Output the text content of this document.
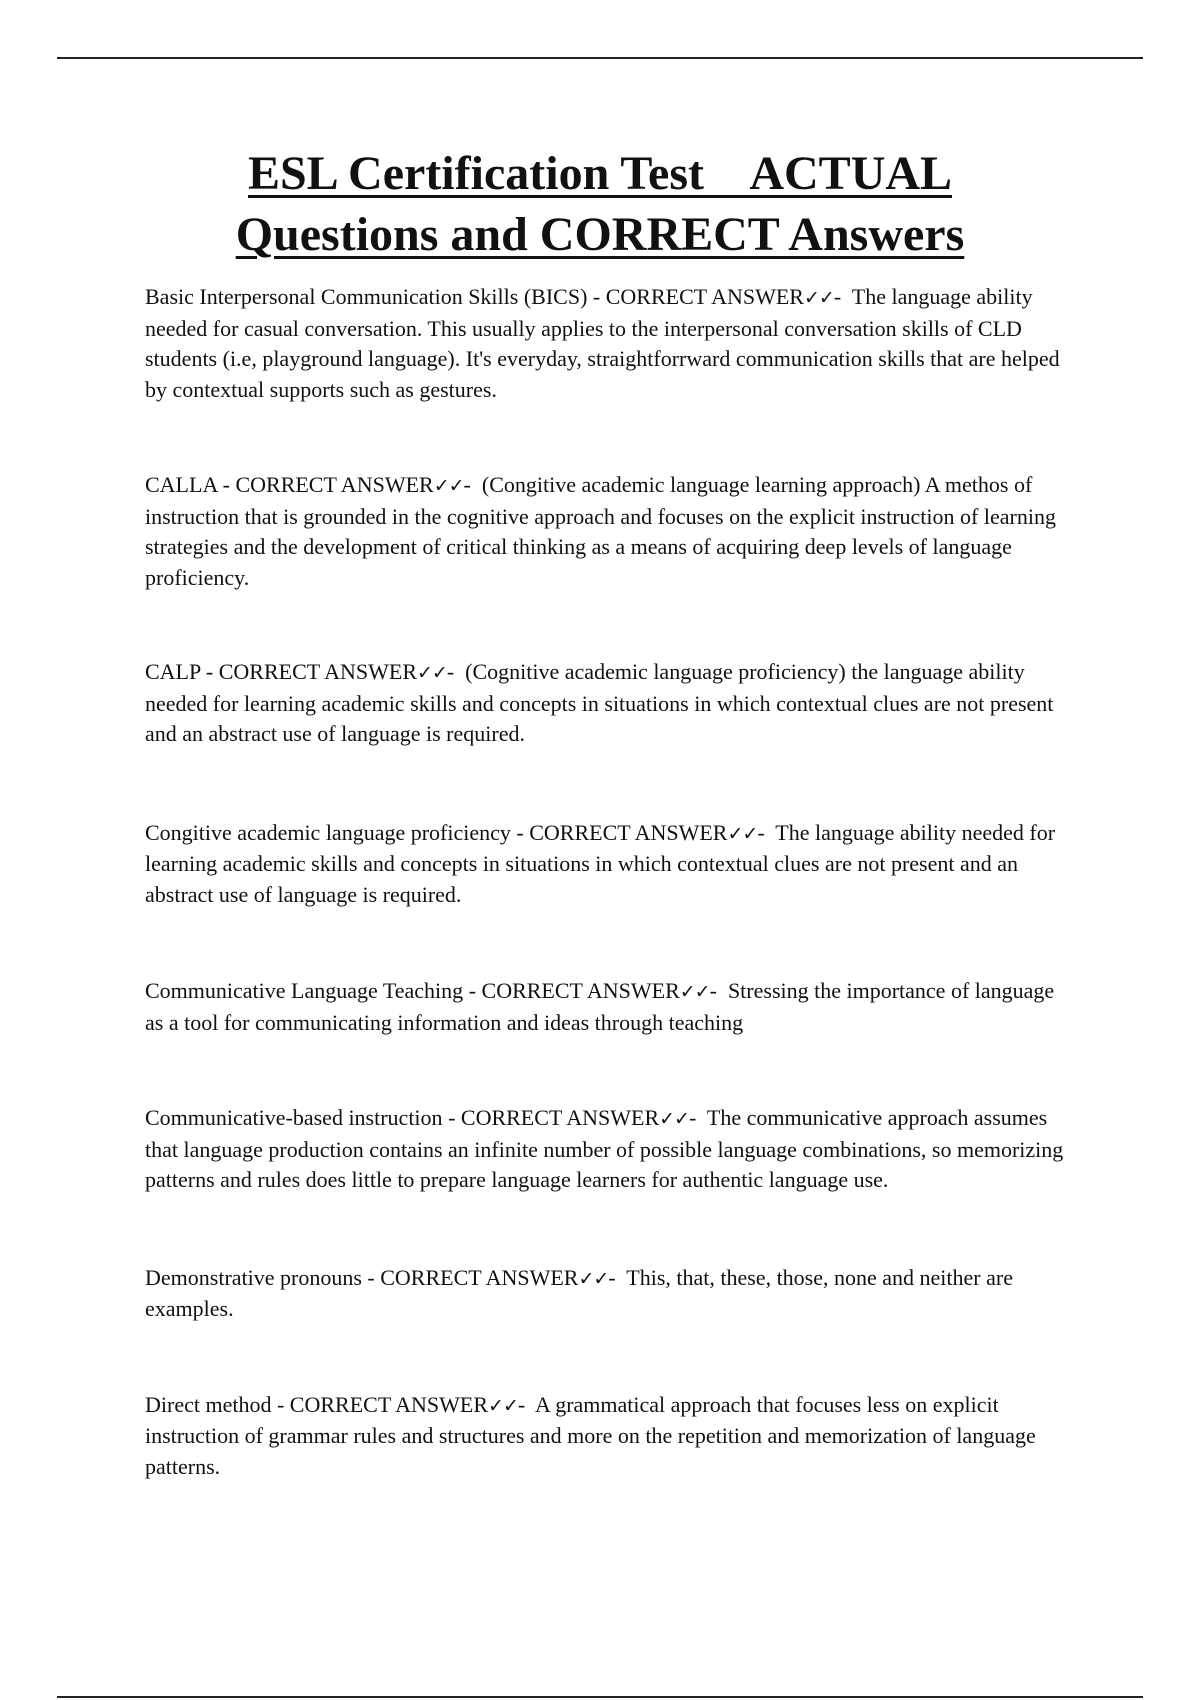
ESL Certification Test    ACTUAL
Questions and CORRECT Answers

Basic Interpersonal Communication Skills (BICS) - CORRECT ANSWER✓✓-  The language ability needed for casual conversation. This usually applies to the interpersonal conversation skills of CLD students (i.e, playground language). It's everyday, straightforrward communication skills that are helped by contextual supports such as gestures.

CALLA - CORRECT ANSWER✓✓-  (Congitive academic language learning approach) A methos of instruction that is grounded in the cognitive approach and focuses on the explicit instruction of learning strategies and the development of critical thinking as a means of acquiring deep levels of language proficiency.

CALP - CORRECT ANSWER✓✓-  (Cognitive academic language proficiency) the language ability needed for learning academic skills and concepts in situations in which contextual clues are not present and an abstract use of language is required.

Congitive academic language proficiency - CORRECT ANSWER✓✓-  The language ability needed for learning academic skills and concepts in situations in which contextual clues are not present and an abstract use of language is required.

Communicative Language Teaching - CORRECT ANSWER✓✓-  Stressing the importance of language as a tool for communicating information and ideas through teaching

Communicative-based instruction - CORRECT ANSWER✓✓-  The communicative approach assumes that language production contains an infinite number of possible language combinations, so memorizing patterns and rules does little to prepare language learners for authentic language use.

Demonstrative pronouns - CORRECT ANSWER✓✓-  This, that, these, those, none and neither are examples.

Direct method - CORRECT ANSWER✓✓-  A grammatical approach that focuses less on explicit instruction of grammar rules and structures and more on the repetition and memorization of language patterns.
